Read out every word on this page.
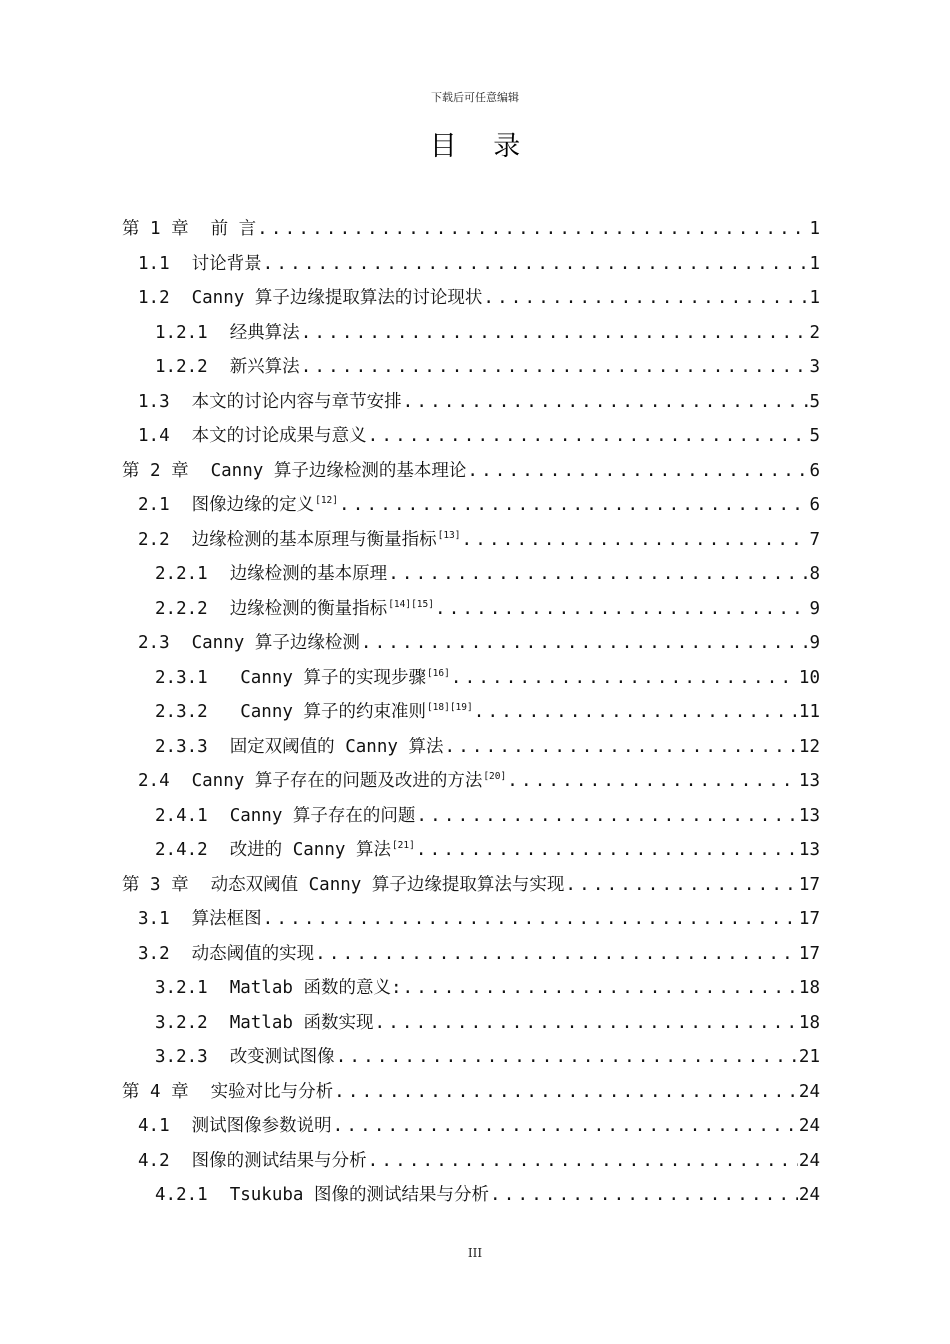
下载后可任意编辑
目 录
第 1 章 前 言 .....	1
1.1 讨论背景 .....	1
1.2 Canny 算子边缘提取算法的讨论现状 .....	1
1.2.1 经典算法 .....	2
1.2.2 新兴算法 .....	3
1.3 本文的讨论内容与章节安排 .....	5
1.4 本文的讨论成果与意义 .....	5
第 2 章 Canny 算子边缘检测的基本理论 .....	6
2.1 图像边缘的定义[12] .....	6
2.2 边缘检测的基本原理与衡量指标[13] .....	7
2.2.1 边缘检测的基本原理 .....	8
2.2.2 边缘检测的衡量指标[14][15] .....	9
2.3 Canny 算子边缘检测 .....	9
2.3.1 Canny 算子的实现步骤[16] .....	10
2.3.2 Canny 算子的约束准则[18][19] .....	11
2.3.3 固定双阈值的 Canny 算法 .....	12
2.4 Canny 算子存在的问题及改进的方法[20] .....	13
2.4.1 Canny 算子存在的问题 .....	13
2.4.2 改进的 Canny 算法[21] .....	13
第 3 章 动态双阈值 Canny 算子边缘提取算法与实现 .....	17
3.1 算法框图 .....	17
3.2 动态阈值的实现 .....	17
3.2.1 Matlab 函数的意义: .....	18
3.2.2 Matlab 函数实现 .....	18
3.2.3 改变测试图像 .....	21
第 4 章 实验对比与分析 .....	24
4.1 测试图像参数说明 .....	24
4.2 图像的测试结果与分析 .....	24
4.2.1 Tsukuba 图像的测试结果与分析 .....	24
III
